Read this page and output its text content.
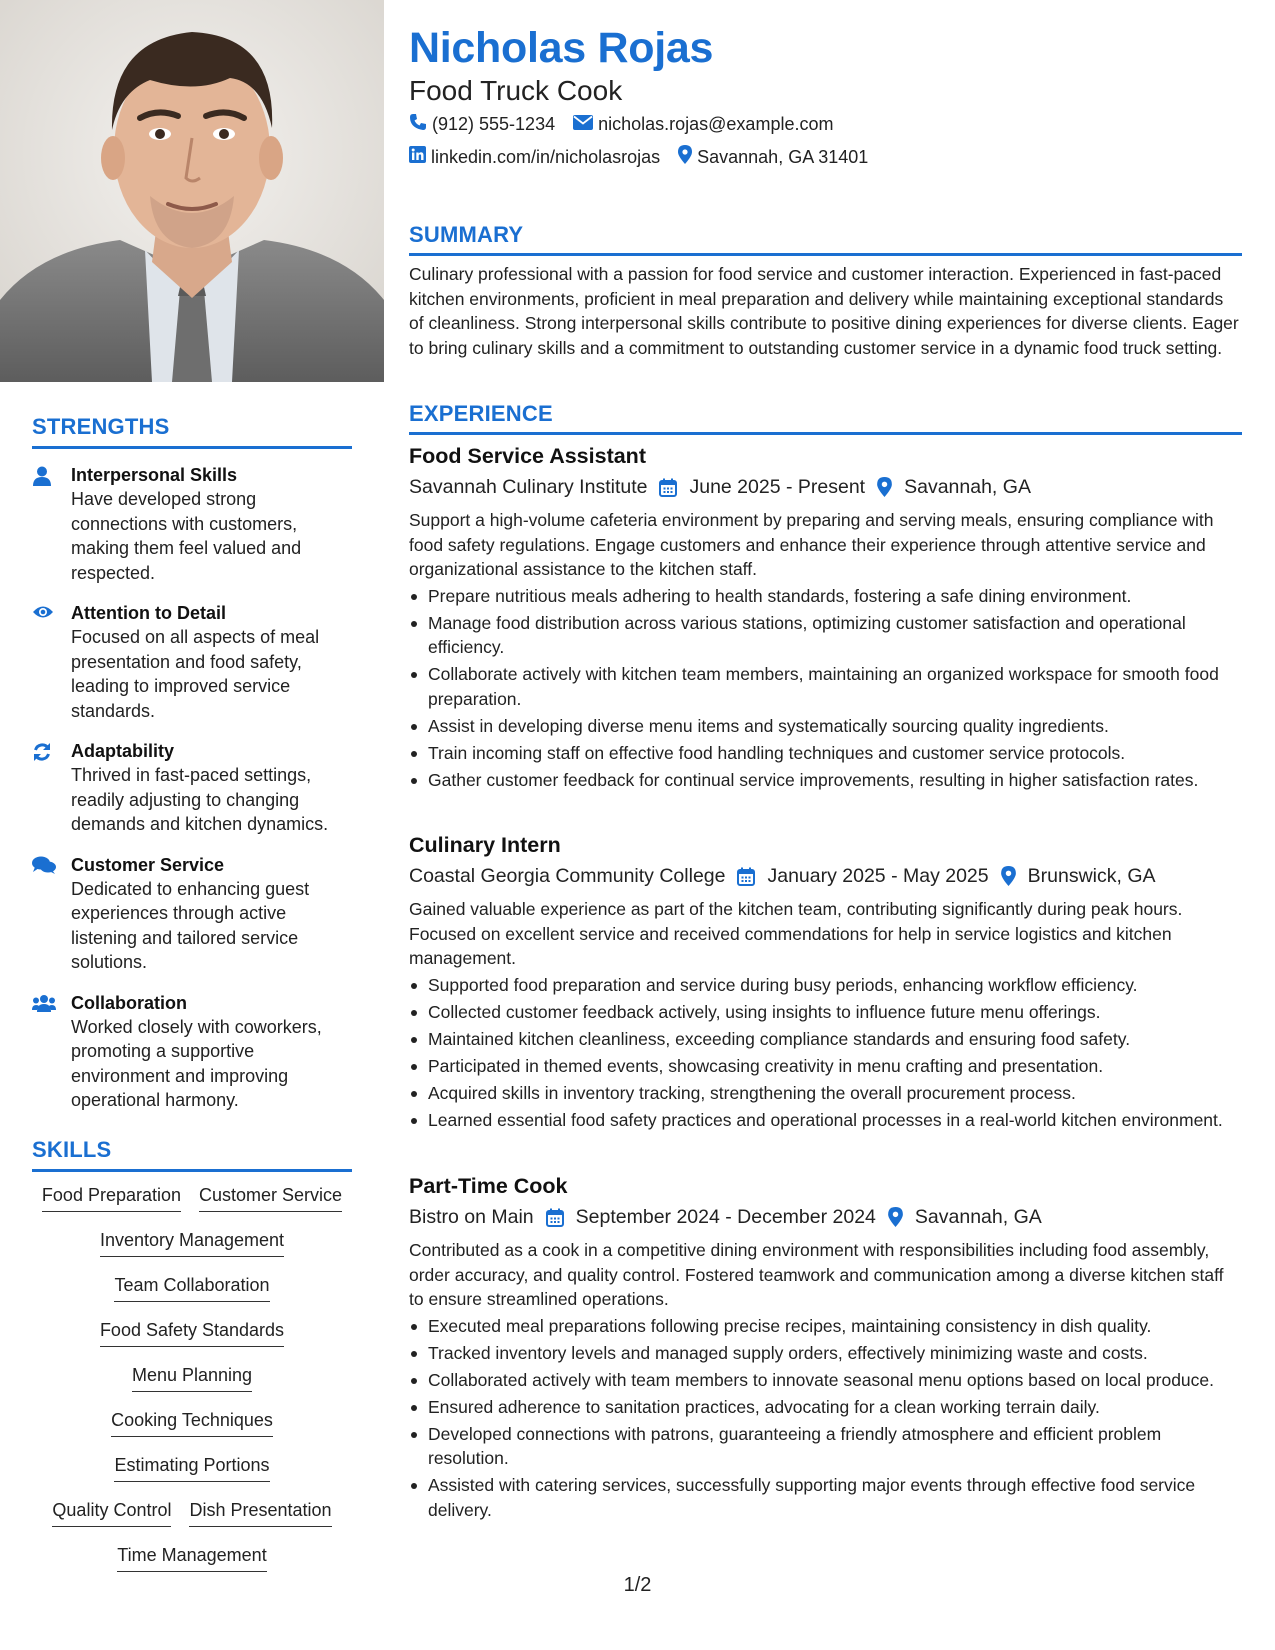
STRENGTHS
Interpersonal Skills
Have developed strong connections with customers, making them feel valued and respected.
Attention to Detail
Focused on all aspects of meal presentation and food safety, leading to improved service standards.
Adaptability
Thrived in fast-paced settings, readily adjusting to changing demands and kitchen dynamics.
Customer Service
Dedicated to enhancing guest experiences through active listening and tailored service solutions.
Collaboration
Worked closely with coworkers, promoting a supportive environment and improving operational harmony.
SKILLS
Food Preparation Customer Service
Inventory Management
Team Collaboration
Food Safety Standards
Menu Planning
Cooking Techniques
Estimating Portions
Quality Control Dish Presentation
Time Management
Nicholas Rojas
Food Truck Cook
(912) 555-1234 nicholas.rojas@example.com
linkedin.com/in/nicholasrojas Savannah, GA 31401
SUMMARY
Culinary professional with a passion for food service and customer interaction. Experienced in fast-paced kitchen environments, proficient in meal preparation and delivery while maintaining exceptional standards of cleanliness. Strong interpersonal skills contribute to positive dining experiences for diverse clients. Eager to bring culinary skills and a commitment to outstanding customer service in a dynamic food truck setting.
EXPERIENCE
Food Service Assistant
Savannah Culinary Institute June 2025 - Present Savannah, GA
Support a high-volume cafeteria environment by preparing and serving meals, ensuring compliance with food safety regulations. Engage customers and enhance their experience through attentive service and organizational assistance to the kitchen staff.
Prepare nutritious meals adhering to health standards, fostering a safe dining environment.
Manage food distribution across various stations, optimizing customer satisfaction and operational efficiency.
Collaborate actively with kitchen team members, maintaining an organized workspace for smooth food preparation.
Assist in developing diverse menu items and systematically sourcing quality ingredients.
Train incoming staff on effective food handling techniques and customer service protocols.
Gather customer feedback for continual service improvements, resulting in higher satisfaction rates.
Culinary Intern
Coastal Georgia Community College January 2025 - May 2025 Brunswick, GA
Gained valuable experience as part of the kitchen team, contributing significantly during peak hours. Focused on excellent service and received commendations for help in service logistics and kitchen management.
Supported food preparation and service during busy periods, enhancing workflow efficiency.
Collected customer feedback actively, using insights to influence future menu offerings.
Maintained kitchen cleanliness, exceeding compliance standards and ensuring food safety.
Participated in themed events, showcasing creativity in menu crafting and presentation.
Acquired skills in inventory tracking, strengthening the overall procurement process.
Learned essential food safety practices and operational processes in a real-world kitchen environment.
Part-Time Cook
Bistro on Main September 2024 - December 2024 Savannah, GA
Contributed as a cook in a competitive dining environment with responsibilities including food assembly, order accuracy, and quality control. Fostered teamwork and communication among a diverse kitchen staff to ensure streamlined operations.
Executed meal preparations following precise recipes, maintaining consistency in dish quality.
Tracked inventory levels and managed supply orders, effectively minimizing waste and costs.
Collaborated actively with team members to innovate seasonal menu options based on local produce.
Ensured adherence to sanitation practices, advocating for a clean working terrain daily.
Developed connections with patrons, guaranteeing a friendly atmosphere and efficient problem resolution.
Assisted with catering services, successfully supporting major events through effective food service delivery.
1/2
